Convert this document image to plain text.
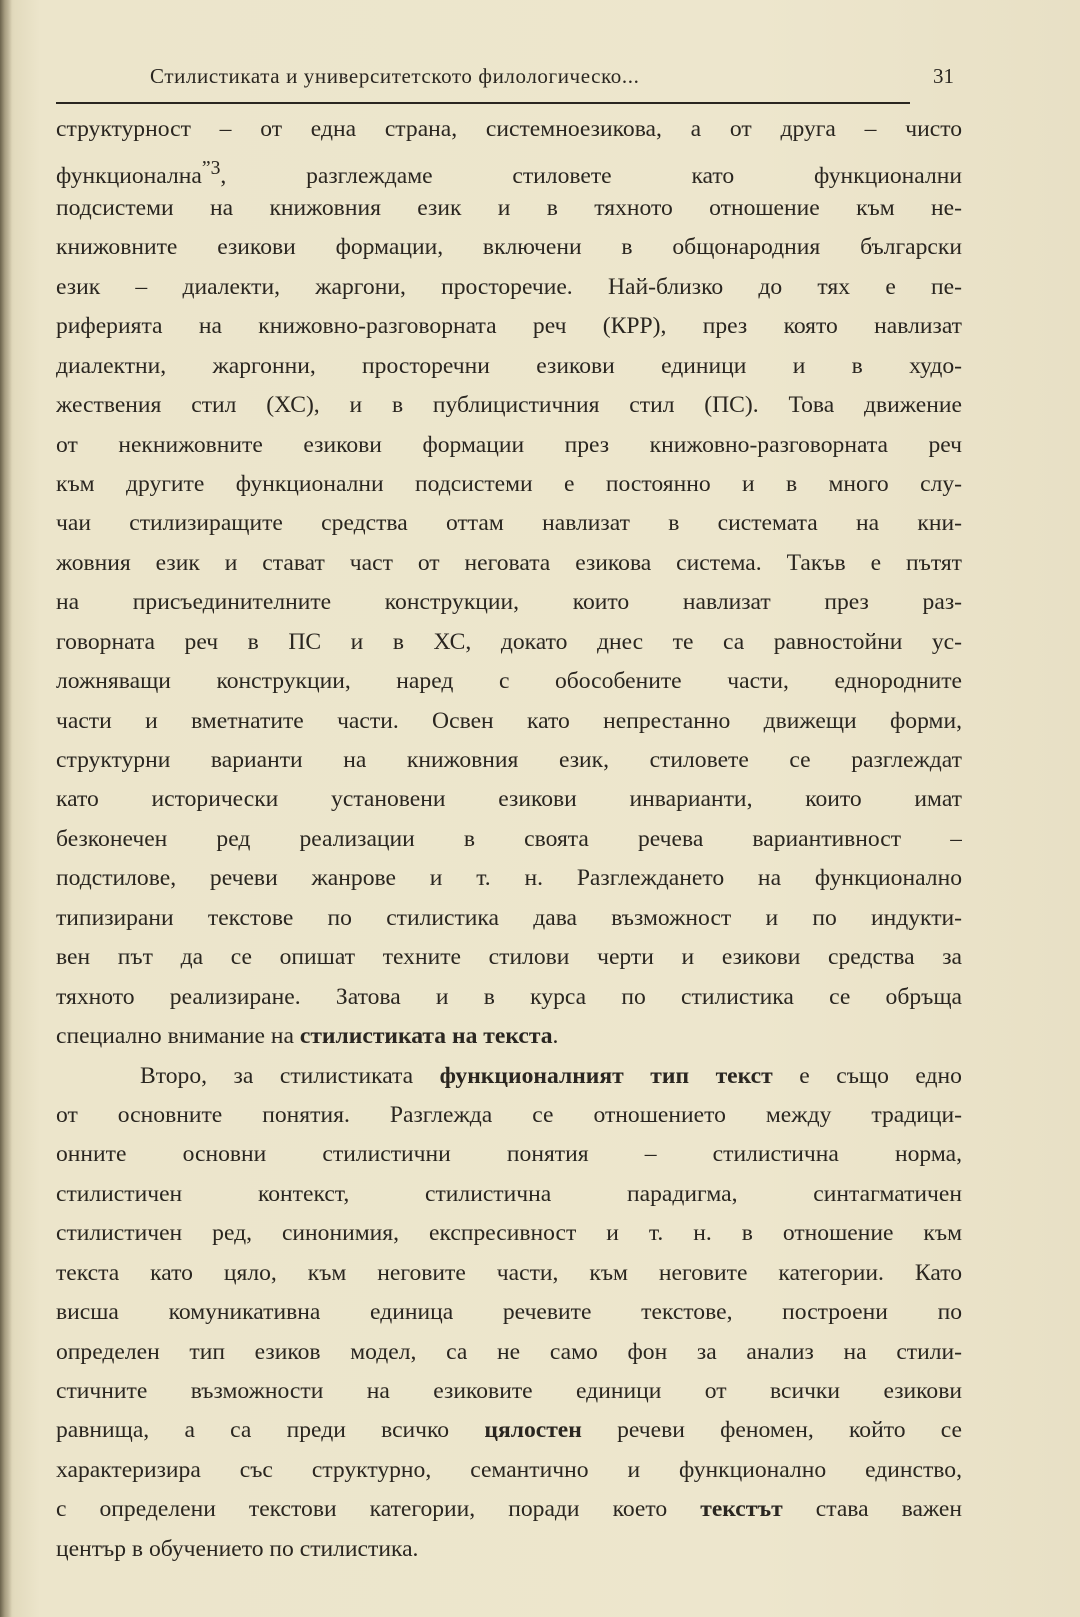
Стилистиката и университетското филологическо...	31
структурност – от една страна, системноезикова, а от друга – чисто
функционална$^{”3}$, разглеждаме стиловете като функционални
подсистеми на книжовния език и в тяхното отношение към не-
книжовните езикови формации, включени в общонародния български
език – диалекти, жаргони, просторечие. Най-близко до тях е пе-
риферията на книжовно-разговорната реч (КРР), през която навлизат
диалектни, жаргонни, просторечни езикови единици и в худо-
жествения стил (ХС), и в публицистичния стил (ПС). Това движение
от некнижовните езикови формации през книжовно-разговорната реч
към другите функционални подсистеми е постоянно и в много слу-
чаи стилизиращите средства оттам навлизат в системата на кни-
жовния език и стават част от неговата езикова система. Такъв е пътят
на присъединителните конструкции, които навлизат през раз-
говорната реч в ПС и в ХС, докато днес те са равностойни ус-
ложняващи конструкции, наред с обособените части, еднородните
части и вметнатите части. Освен като непрестанно движещи форми,
структурни варианти на книжовния език, стиловете се разглеждат
като исторически установени езикови инварианти, които имат
безконечен ред реализации в своята речева вариантивност –
подстилове, речеви жанрове и т. н. Разглеждането на функционално
типизирани текстове по стилистика дава възможност и по индукти-
вен път да се опишат техните стилови черти и езикови средства за
тяхното реализиране. Затова и в курса по стилистика се обръща
специално внимание на стилистиката на текста.
Второ, за стилистиката функционалният тип текст е също едно
от основните понятия. Разглежда се отношението между традици-
онните основни стилистични понятия – стилистична норма,
стилистичен контекст, стилистична парадигма, синтагматичен
стилистичен ред, синонимия, експресивност и т. н. в отношение към
текста като цяло, към неговите части, към неговите категории. Като
висша комуникативна единица речевите текстове, построени по
определен тип езиков модел, са не само фон за анализ на стили-
стичните възможности на езиковите единици от всички езикови
равнища, а са преди всичко цялостен речеви феномен, който се
характеризира със структурно, семантично и функционално единство,
с определени текстови категории, поради което текстът става важен
център в обучението по стилистика.
